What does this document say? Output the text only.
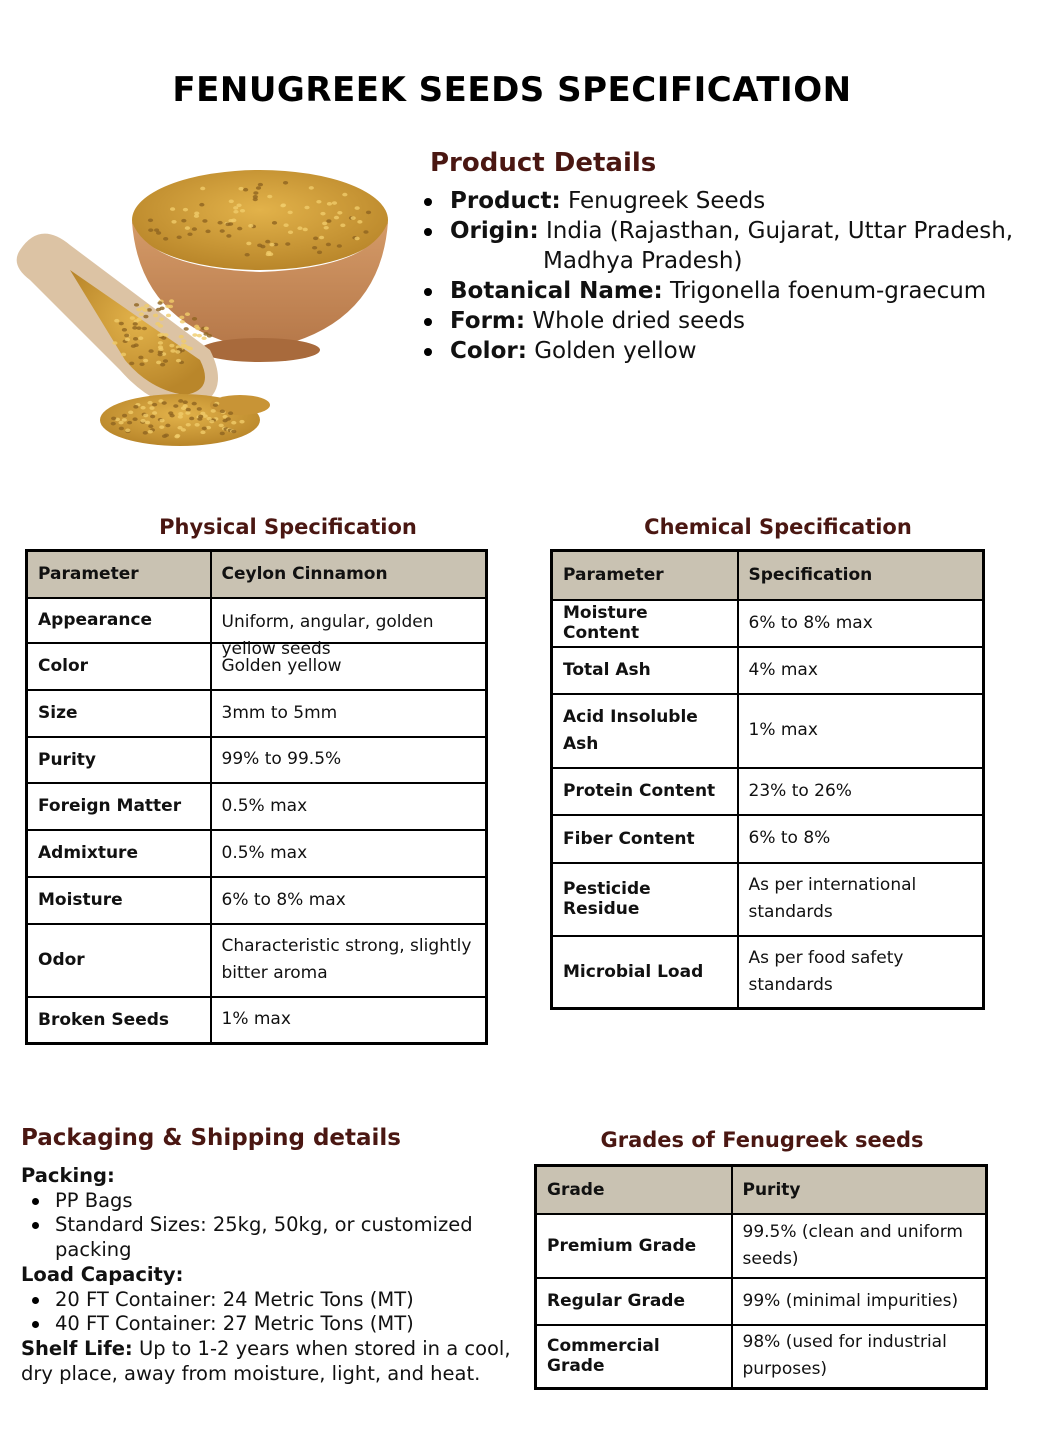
FENUGREEK SEEDS SPECIFICATION
Product Details
Product: Fenugreek Seeds
Origin: India (Rajasthan, Gujarat, Uttar Pradesh,
Madhya Pradesh)
Botanical Name: Trigonella foenum-graecum
Form: Whole dried seeds
Color: Golden yellow
Physical Specification
Parameter	Ceylon Cinnamon
Appearance	Uniform, angular, golden yellow seeds

Color	Golden yellow
Size	3mm to 5mm
Purity	99% to 99.5%
Foreign Matter	0.5% max
Admixture	0.5% max
Moisture	6% to 8% max
Odor	Characteristic strong, slightly bitter aroma
Broken Seeds	1% max
Chemical Specification
Parameter	Specification
Moisture Content	6% to 8% max
Total Ash	4% max
Acid Insoluble Ash	1% max
Protein Content	23% to 26%
Fiber Content	6% to 8%
Pesticide Residue	As per international standards
Microbial Load	As per food safety standards
Packaging & Shipping details
Packing:
PP Bags
Standard Sizes: 25kg, 50kg, or customized packing
Load Capacity:
20 FT Container: 24 Metric Tons (MT)
40 FT Container: 27 Metric Tons (MT)
Shelf Life: Up to 1-2 years when stored in a cool, dry place, away from moisture, light, and heat.
Grades of Fenugreek seeds
Grade	Purity
Premium Grade	99.5% (clean and uniform seeds)
Regular Grade	99% (minimal impurities)
Commercial Grade	98% (used for industrial purposes)
